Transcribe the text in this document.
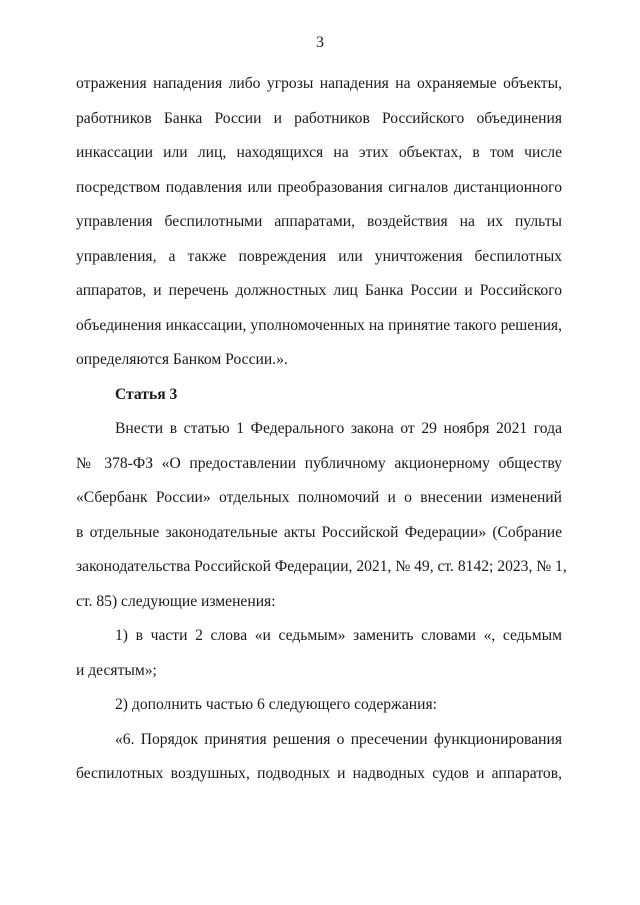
3
отражения нападения либо угрозы нападения на охраняемые объекты,
работников Банка России и работников Российского объединения
инкассации или лиц, находящихся на этих объектах, в том числе
посредством подавления или преобразования сигналов дистанционного
управления беспилотными аппаратами, воздействия на их пульты
управления, а также повреждения или уничтожения беспилотных
аппаратов, и перечень должностных лиц Банка России и Российского
объединения инкассации, уполномоченных на принятие такого решения,
определяются Банком России.».
Статья 3
Внести в статью 1 Федерального закона от 29 ноября 2021 года
№ 378-ФЗ «О предоставлении публичному акционерному обществу
«Сбербанк России» отдельных полномочий и о внесении изменений
в отдельные законодательные акты Российской Федерации» (Собрание
законодательства Российской Федерации, 2021, № 49, ст. 8142; 2023, № 1,
ст. 85) следующие изменения:
1) в части 2 слова «и седьмым» заменить словами «, седьмым
и десятым»;
2) дополнить частью 6 следующего содержания:
«6. Порядок принятия решения о пресечении функционирования
беспилотных воздушных, подводных и надводных судов и аппаратов,
